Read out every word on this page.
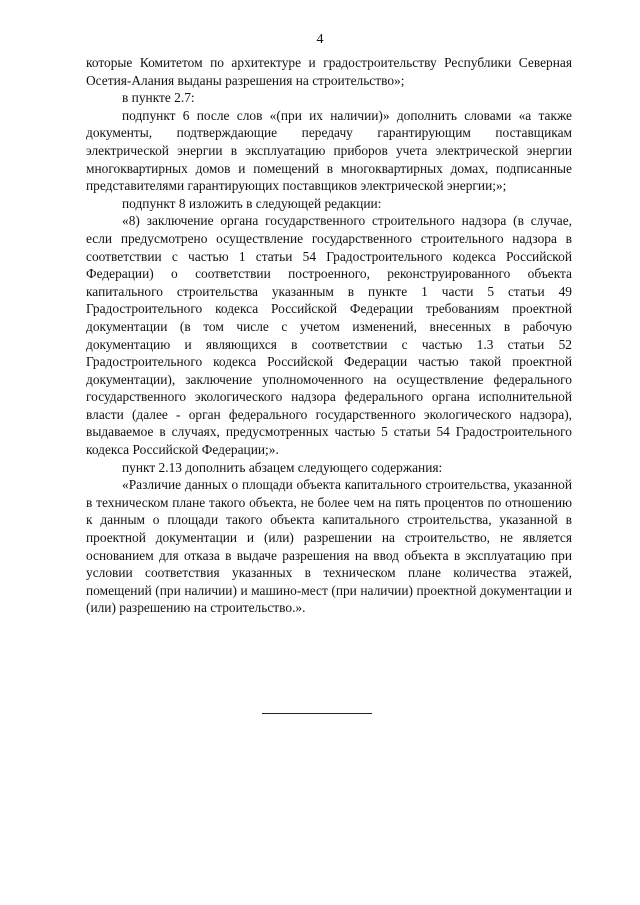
4

которые Комитетом по архитектуре и градостроительству Республики Северная Осетия-Алания выданы разрешения на строительство»;

в пункте 2.7:

подпункт 6 после слов «(при их наличии)» дополнить словами «а также документы, подтверждающие передачу гарантирующим поставщикам электрической энергии в эксплуатацию приборов учета электрической энергии многоквартирных домов и помещений в многоквартирных домах, подписанные представителями гарантирующих поставщиков электрической энергии;»;

подпункт 8 изложить в следующей редакции:

«8) заключение органа государственного строительного надзора (в случае, если предусмотрено осуществление государственного строительного надзора в соответствии с частью 1 статьи 54 Градостроительного кодекса Российской Федерации) о соответствии построенного, реконструированного объекта капитального строительства указанным в пункте 1 части 5 статьи 49 Градостроительного кодекса Российской Федерации требованиям проектной документации (в том числе с учетом изменений, внесенных в рабочую документацию и являющихся в соответствии с частью 1.3 статьи 52 Градостроительного кодекса Российской Федерации частью такой проектной документации), заключение уполномоченного на осуществление федерального государственного экологического надзора федерального органа исполнительной власти (далее - орган федерального государственного экологического надзора), выдаваемое в случаях, предусмотренных частью 5 статьи 54 Градостроительного кодекса Российской Федерации;».

пункт 2.13 дополнить абзацем следующего содержания:

«Различие данных о площади объекта капитального строительства, указанной в техническом плане такого объекта, не более чем на пять процентов по отношению к данным о площади такого объекта капитального строительства, указанной в проектной документации и (или) разрешении на строительство, не является основанием для отказа в выдаче разрешения на ввод объекта в эксплуатацию при условии соответствия указанных в техническом плане количества этажей, помещений (при наличии) и машино-мест (при наличии) проектной документации и (или) разрешению на строительство.».
